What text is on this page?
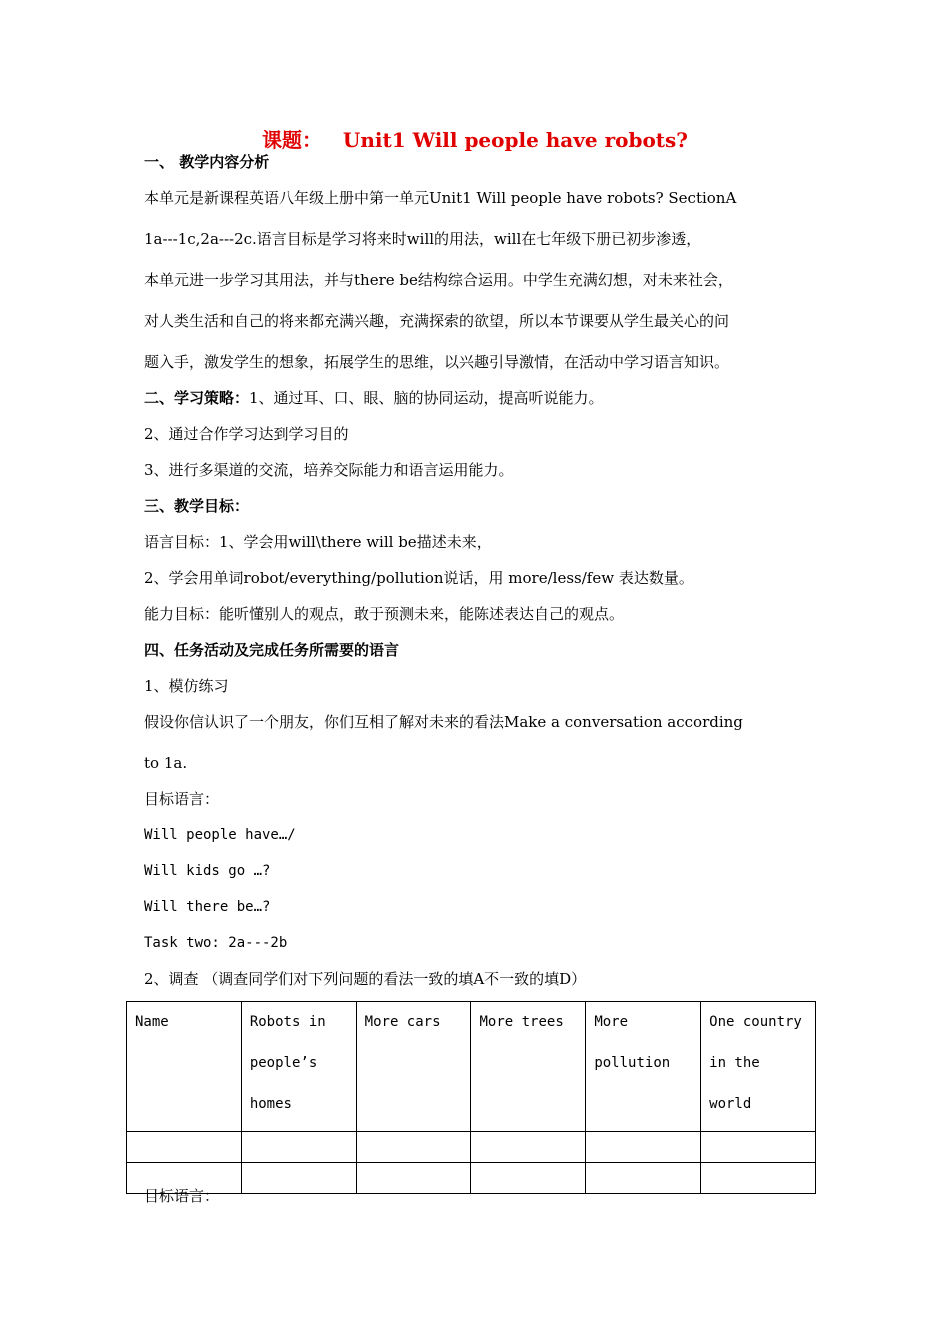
课题：   Unit1 Will people have robots?
一、 教学内容分析
本单元是新课程英语八年级上册中第一单元Unit1 Will people have robots? SectionA
1a---1c,2a---2c.语言目标是学习将来时will的用法，will在七年级下册已初步渗透，
本单元进一步学习其用法，并与there be结构综合运用。中学生充满幻想，对未来社会，
对人类生活和自己的将来都充满兴趣，充满探索的欲望，所以本节课要从学生最关心的问
题入手，激发学生的想象，拓展学生的思维，以兴趣引导激情，在活动中学习语言知识。
二、学习策略：1、通过耳、口、眼、脑的协同运动，提高听说能力。
2、通过合作学习达到学习目的
3、进行多渠道的交流，培养交际能力和语言运用能力。
三、教学目标：
语言目标：1、学会用will\there will be描述未来，
2、学会用单词robot/everything/pollution说话，用 more/less/few 表达数量。
能力目标：能听懂别人的观点，敢于预测未来，能陈述表达自己的观点。
四、任务活动及完成任务所需要的语言
1、模仿练习
假设你信认识了一个朋友，你们互相了解对未来的看法Make a conversation according
to 1a.
目标语言：
Will people have…/
Will kids go …?
Will there be…?
Task two: 2a---2b
2、调查 （调查同学们对下列问题的看法一致的填A不一致的填D）
Name	Robots in people’s homes	More cars	More trees	More pollution	One country in the world

目标语言：
